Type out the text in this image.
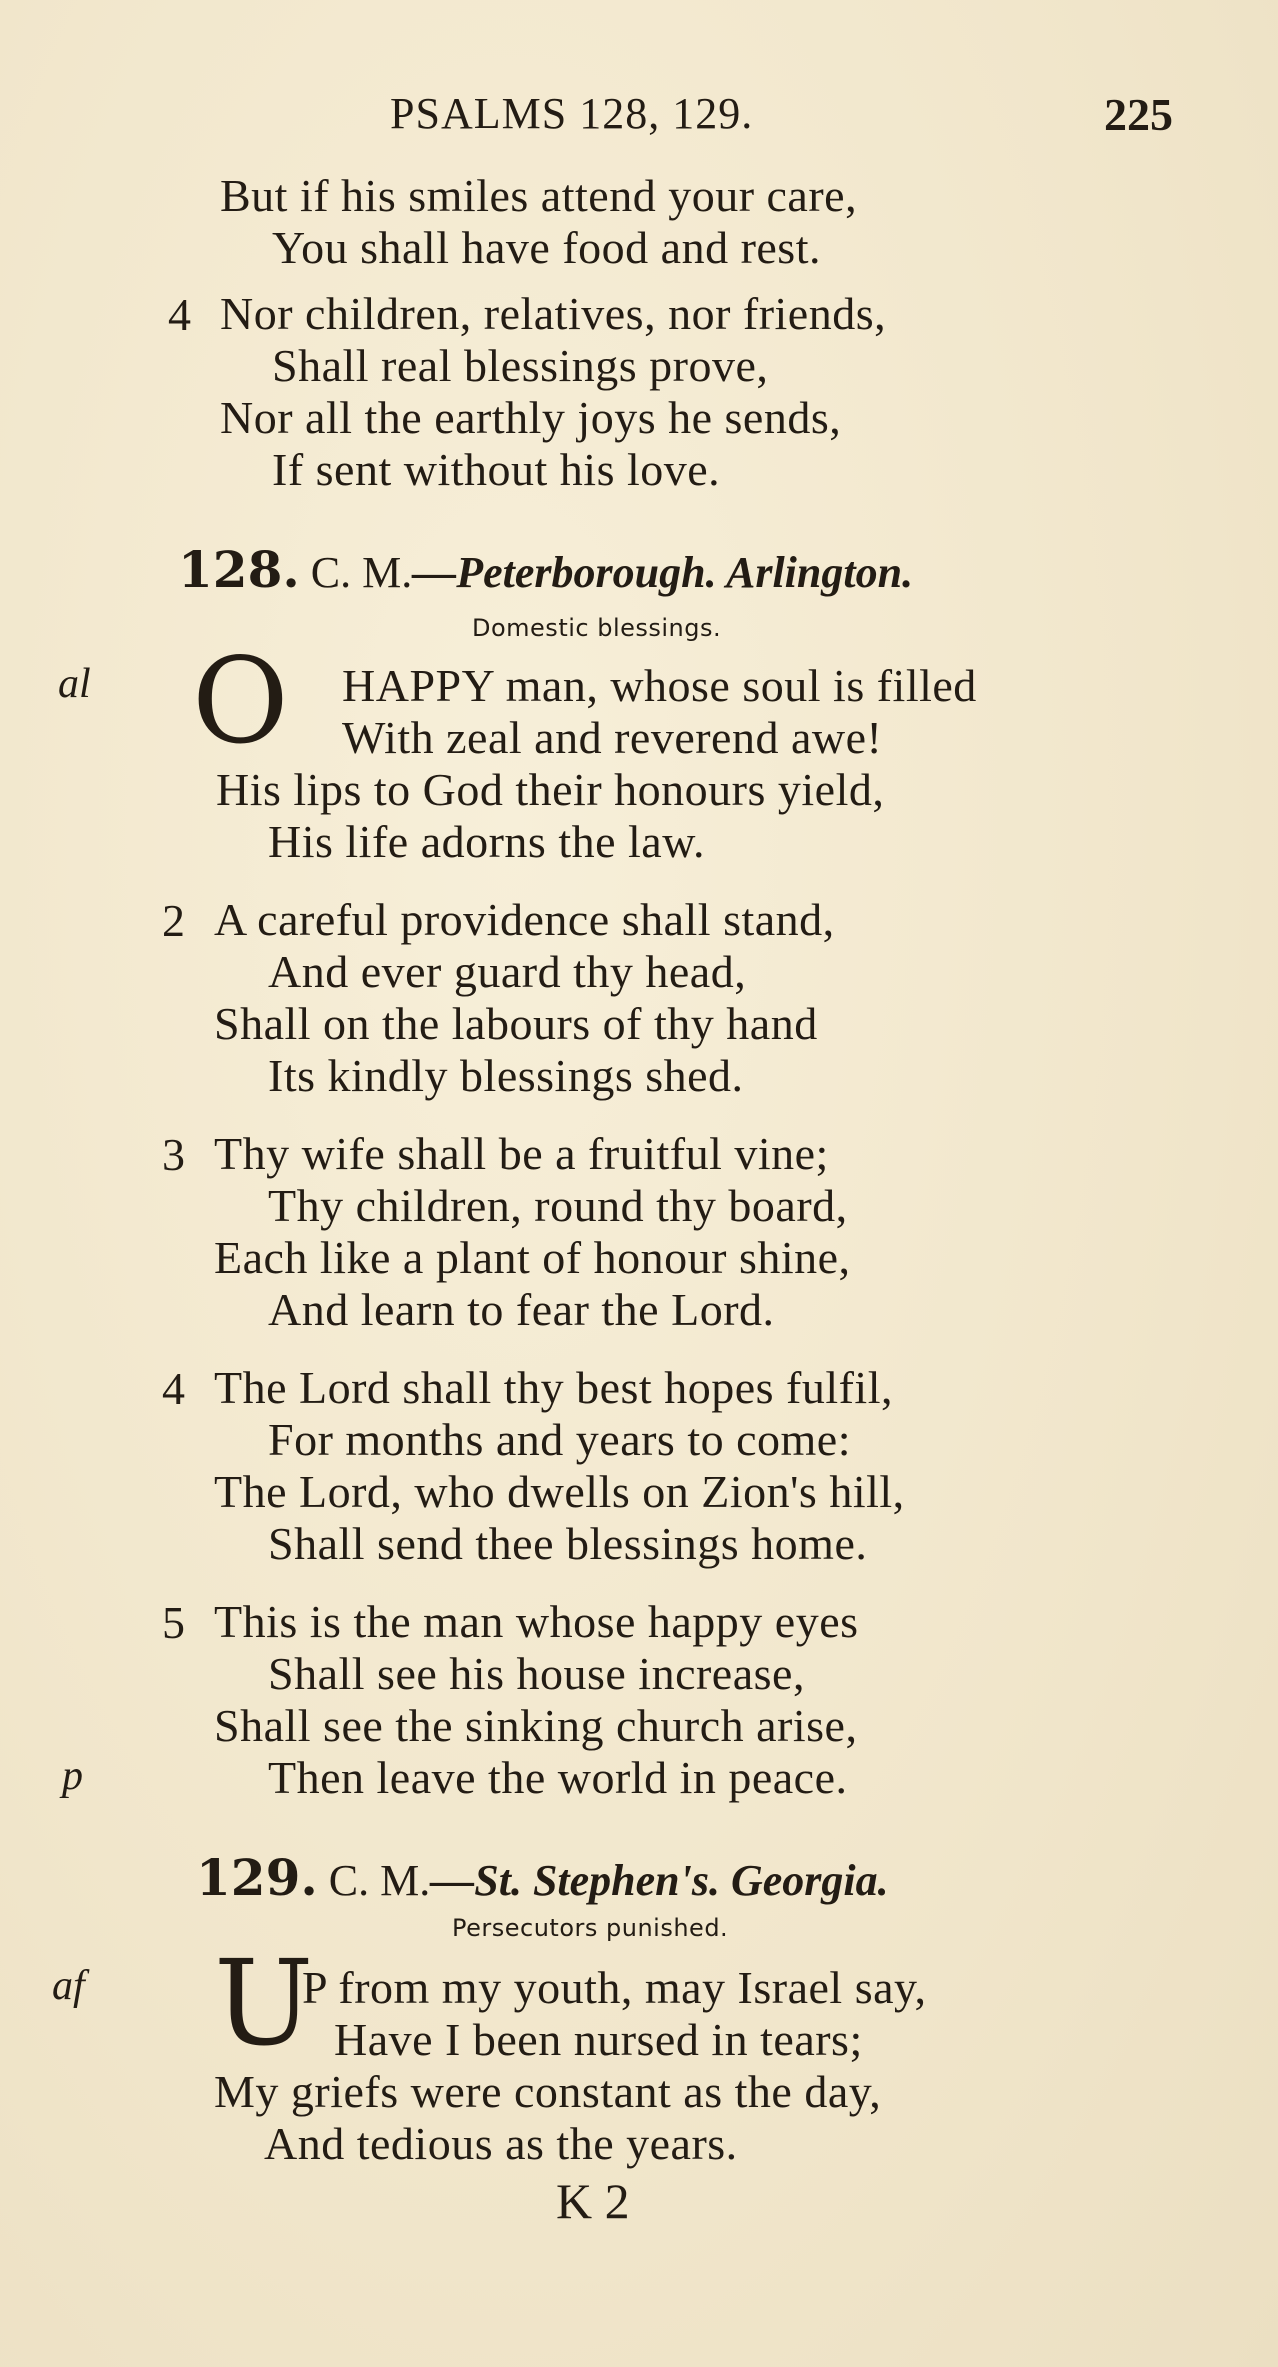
PSALMS 128, 129.	225
But if his smiles attend your care,
You shall have food and rest.
4 Nor children, relatives, nor friends,
Shall real blessings prove,
Nor all the earthly joys he sends,
If sent without his love.
128. C. M.—Peterborough. Arlington.
Domestic blessings.
al O HAPPY man, whose soul is filled
With zeal and reverend awe!
His lips to God their honours yield,
His life adorns the law.
2 A careful providence shall stand,
And ever guard thy head,
Shall on the labours of thy hand
Its kindly blessings shed.
3 Thy wife shall be a fruitful vine;
Thy children, round thy board,
Each like a plant of honour shine,
And learn to fear the Lord.
4 The Lord shall thy best hopes fulfil,
For months and years to come:
The Lord, who dwells on Zion's hill,
Shall send thee blessings home.
5 This is the man whose happy eyes
Shall see his house increase,
Shall see the sinking church arise,
p	Then leave the world in peace.
129. C. M.—St. Stephen's. Georgia.
Persecutors punished.
af U
P from my youth, may Israel say,
Have I been nursed in tears;
My griefs were constant as the day,
And tedious as the years.
K 2
